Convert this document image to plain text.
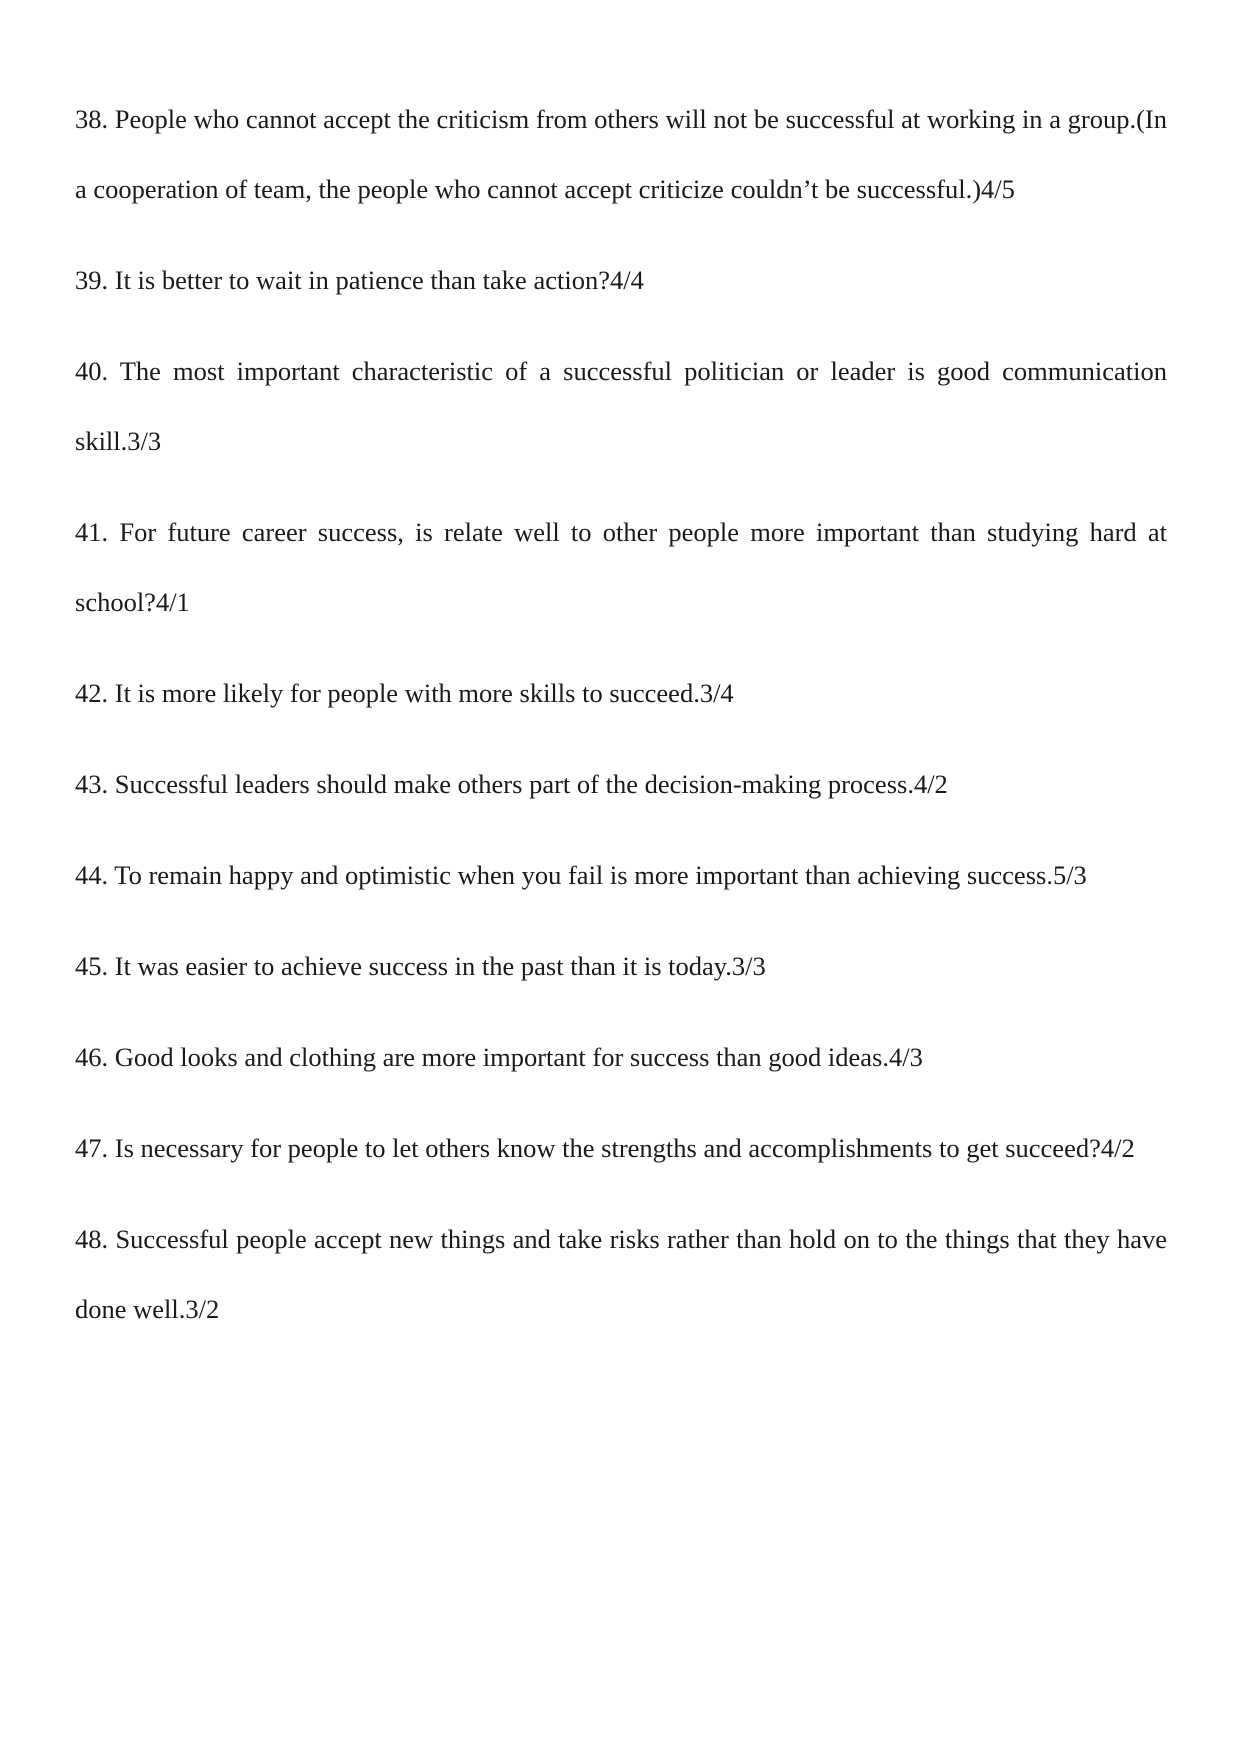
38. People who cannot accept the criticism from others will not be successful at working in a group.(In a cooperation of team, the people who cannot accept criticize couldn’t be successful.)4/5

39. It is better to wait in patience than take action?4/4

40. The most important characteristic of a successful politician or leader is good communication skill.3/3

41. For future career success, is relate well to other people more important than studying hard at school?4/1

42. It is more likely for people with more skills to succeed.3/4

43. Successful leaders should make others part of the decision-making process.4/2

44. To remain happy and optimistic when you fail is more important than achieving success.5/3

45. It was easier to achieve success in the past than it is today.3/3

46. Good looks and clothing are more important for success than good ideas.4/3

47. Is necessary for people to let others know the strengths and accomplishments to get succeed?4/2

48. Successful people accept new things and take risks rather than hold on to the things that they have done well.3/2
